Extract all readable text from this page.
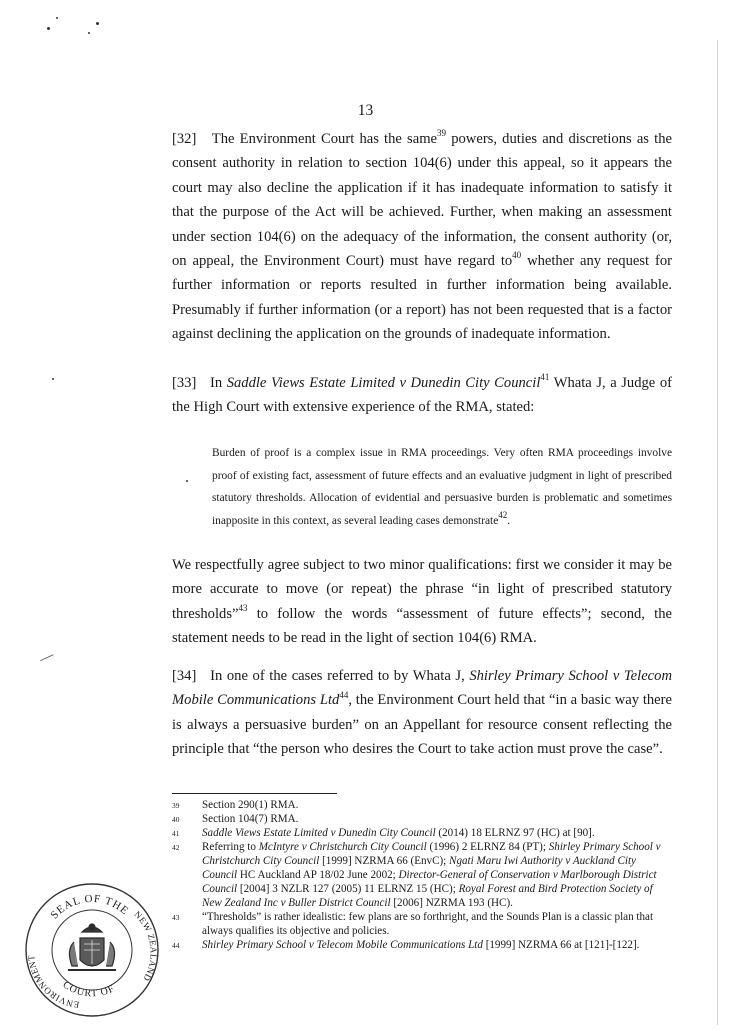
—
13

[32]   The Environment Court has the same$^{39}$ powers, duties and discretions as the consent authority in relation to section 104(6) under this appeal, so it appears the court may also decline the application if it has inadequate information to satisfy it that the purpose of the Act will be achieved. Further, when making an assessment under section 104(6) on the adequacy of the information, the consent authority (or, on appeal, the Environment Court) must have regard $to^{40}$ whether any request for further information or reports resulted in further information being available. Presumably if further information (or a report) has not been requested that is a factor against declining the application on the grounds of inadequate information.

[33]   In Saddle Views Estate Limited v Dunedin City Council$^{41}$ Whata J, a Judge of the High Court with extensive experience of the RMA, stated:

Burden of proof is a complex issue in RMA proceedings. Very often RMA proceedings involve proof of existing fact, assessment of future effects and an evaluative judgment in light of prescribed statutory thresholds. Allocation of evidential and persuasive burden is problematic and sometimes inapposite in this context, as several leading cases demonstrate$^{42}$.

We respectfully agree subject to two minor qualifications: first we consider it may be more accurate to move (or repeat) the phrase “in light of prescribed statutory thresholds”$^{43}$ to follow the words “assessment of future effects”; second, the statement needs to be read in the light of section 104(6) RMA.

[34]   In one of the cases referred to by Whata J, Shirley Primary School v Telecom Mobile Communications Ltd$^{44}$, the Environment Court held that “in a basic way there is always a persuasive burden” on an Appellant for resource consent reflecting the principle that “the person who desires the Court to take action must prove the case”.

39 Section 290(1) RMA.
40 Section 104(7) RMA.
41 Saddle Views Estate Limited v Dunedin City Council (2014) 18 ELRNZ 97 (HC) at [90].
42 Referring to McIntyre v Christchurch City Council (1996) 2 ELRNZ 84 (PT); Shirley Primary School v Christchurch City Council [1999] NZRMA 66 (EnvC); Ngati Maru Iwi Authority v Auckland City Council HC Auckland AP 18/02 June 2002; Director-General of Conservation v Marlborough District Council [2004] 3 NZLR 127 (2005) 11 ELRNZ 15 (HC); Royal Forest and Bird Protection Society of New Zealand Inc v Buller District Council [2006] NZRMA 193 (HC).
43 “Thresholds” is rather idealistic: few plans are so forthright, and the Sounds Plan is a classic plan that always qualifies its objective and policies.
44 Shirley Primary School v Telecom Mobile Communications Ltd [1999] NZRMA 66 at [121]-[122].
SEAL OF THE
ENVIRONMENT
COURT OF
NEW ZEALAND
